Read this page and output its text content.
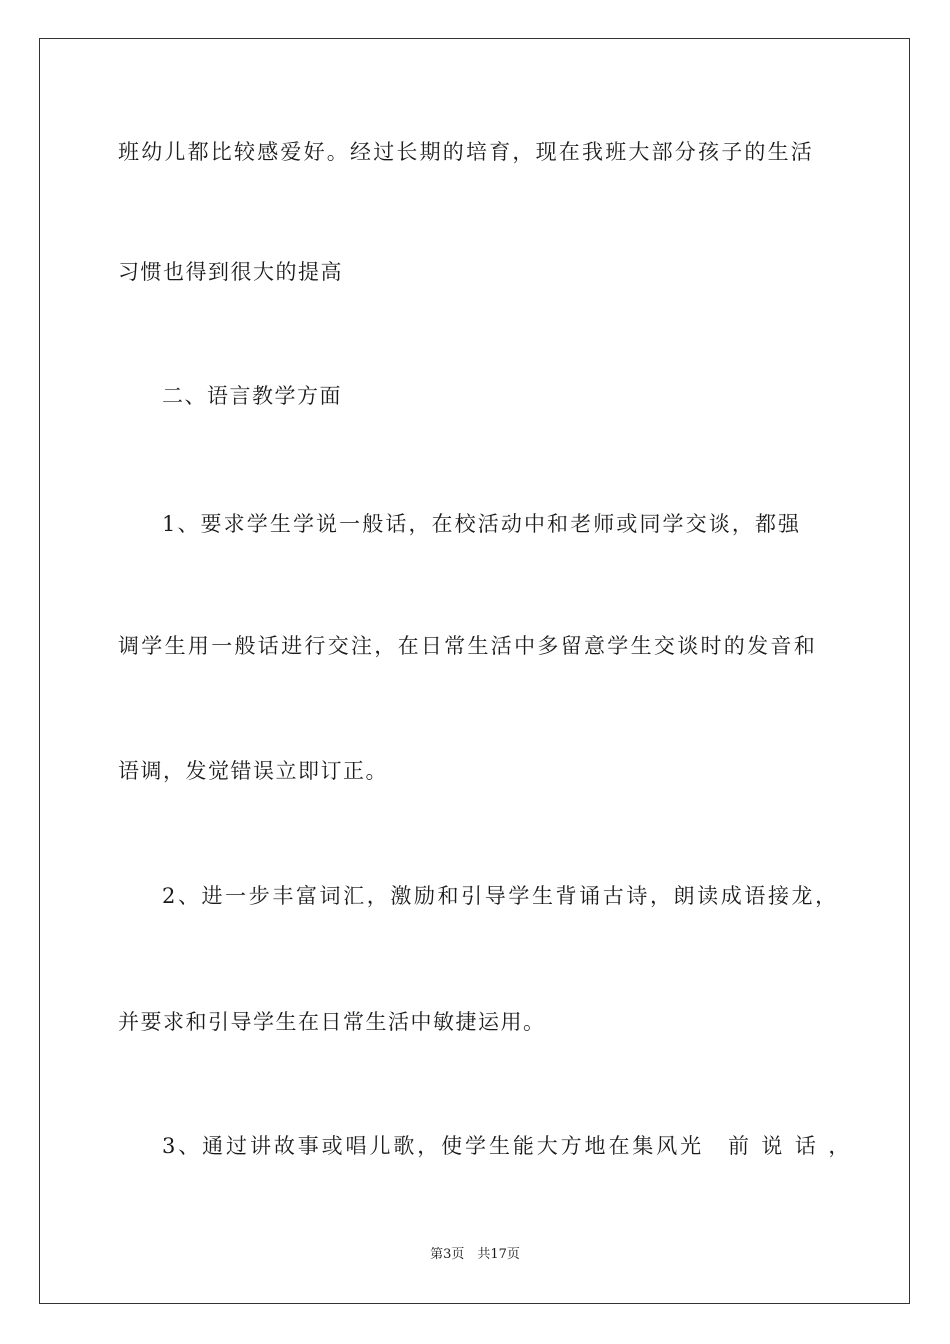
班幼儿都比较感爱好。经过长期的培育，现在我班大部分孩子的生活
习惯也得到很大的提高
二、语言教学方面
1、要求学生学说一般话，在校活动中和老师或同学交谈，都强
调学生用一般话进行交注，在日常生活中多留意学生交谈时的发音和
语调，发觉错误立即订正。
2、进一步丰富词汇，激励和引导学生背诵古诗，朗读成语接龙，
并要求和引导学生在日常生活中敏捷运用。
3、通过讲故事或唱儿歌，使学生能大方地在集风光　前 说 话 ，
第3页　共17页
